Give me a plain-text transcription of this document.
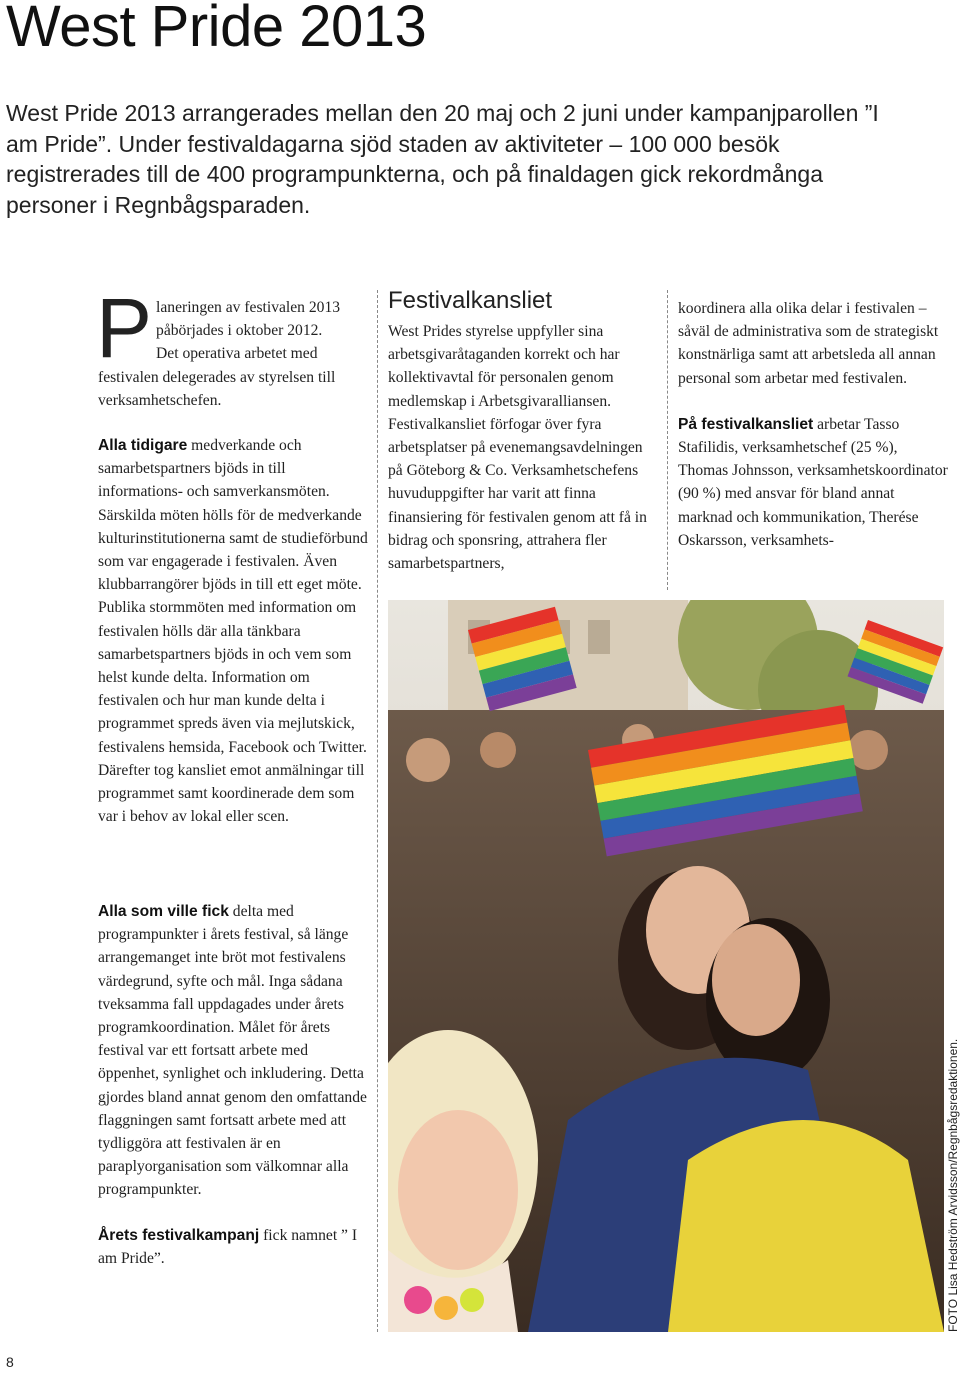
West Pride 2013

West Pride 2013 arrangerades mellan den 20 maj och 2 juni under kampanjparollen ”I am Pride”. Under festivaldagarna sjöd staden av aktiviteter – 100 000 besök registrerades till de 400 programpunkterna, och på finaldagen gick rekordmånga personer i Regnbågsparaden.

P laneringen av festivalen 2013
påbörjades i oktober 2012.
Det operativa arbetet med

festivalen delegerades av styrelsen till verksamhetschefen.

Alla tidigare medverkande och samarbetspartners bjöds in till informations- och samverkansmöten. Särskilda möten hölls för de medverkande kulturinstitutionerna samt de studieförbund som var engagerade i festivalen. Även klubbarrangörer bjöds in till ett eget möte. Publika stormmöten med information om festivalen hölls där alla tänkbara samarbetspartners bjöds in och vem som helst kunde delta. Information om festivalen och hur man kunde delta i programmet spreds även via mejlutskick, festivalens hemsida, Facebook och Twitter. Därefter tog kansliet emot anmälningar till programmet samt koordinerade dem som var i behov av lokal eller scen.

Alla som ville fick delta med programpunkter i årets festival, så länge arrangemanget inte bröt mot festivalens värdegrund, syfte och mål. Inga sådana tveksamma fall uppdagades under årets programkoordination. Målet för årets festival var ett fortsatt arbete med öppenhet, synlighet och inkludering. Detta gjordes bland annat genom den omfattande flaggningen samt fortsatt arbete med att tydliggöra att festivalen är en paraplyorganisation som välkomnar alla programpunkter.

Årets festivalkampanj fick namnet ” I am Pride”.

Festivalkansliet

West Prides styrelse uppfyller sina arbetsgivaråtaganden korrekt och har kollektivavtal för personalen genom medlemskap i Arbetsgivaralliansen. Festivalkansliet förfogar över fyra arbetsplatser på evenemangsavdelningen på Göteborg & Co. Verksamhetschefens huvuduppgifter har varit att finna finansiering för festivalen genom att få in bidrag och sponsring, attrahera fler samarbetspartners,

koordinera alla olika delar i festivalen – såväl de administrativa som de strategiskt konstnärliga samt att arbetsleda all annan personal som arbetar med festivalen.

På festivalkansliet arbetar Tasso Stafilidis, verksamhetschef (25 %), Thomas Johnsson, verksamhetskoordinator (90 %) med ansvar för bland annat marknad och kommunikation, Therése Oskarsson, verksamhets-

FOTO Lisa Hedström Arvidsson/Regnbågsredaktionen.
8
